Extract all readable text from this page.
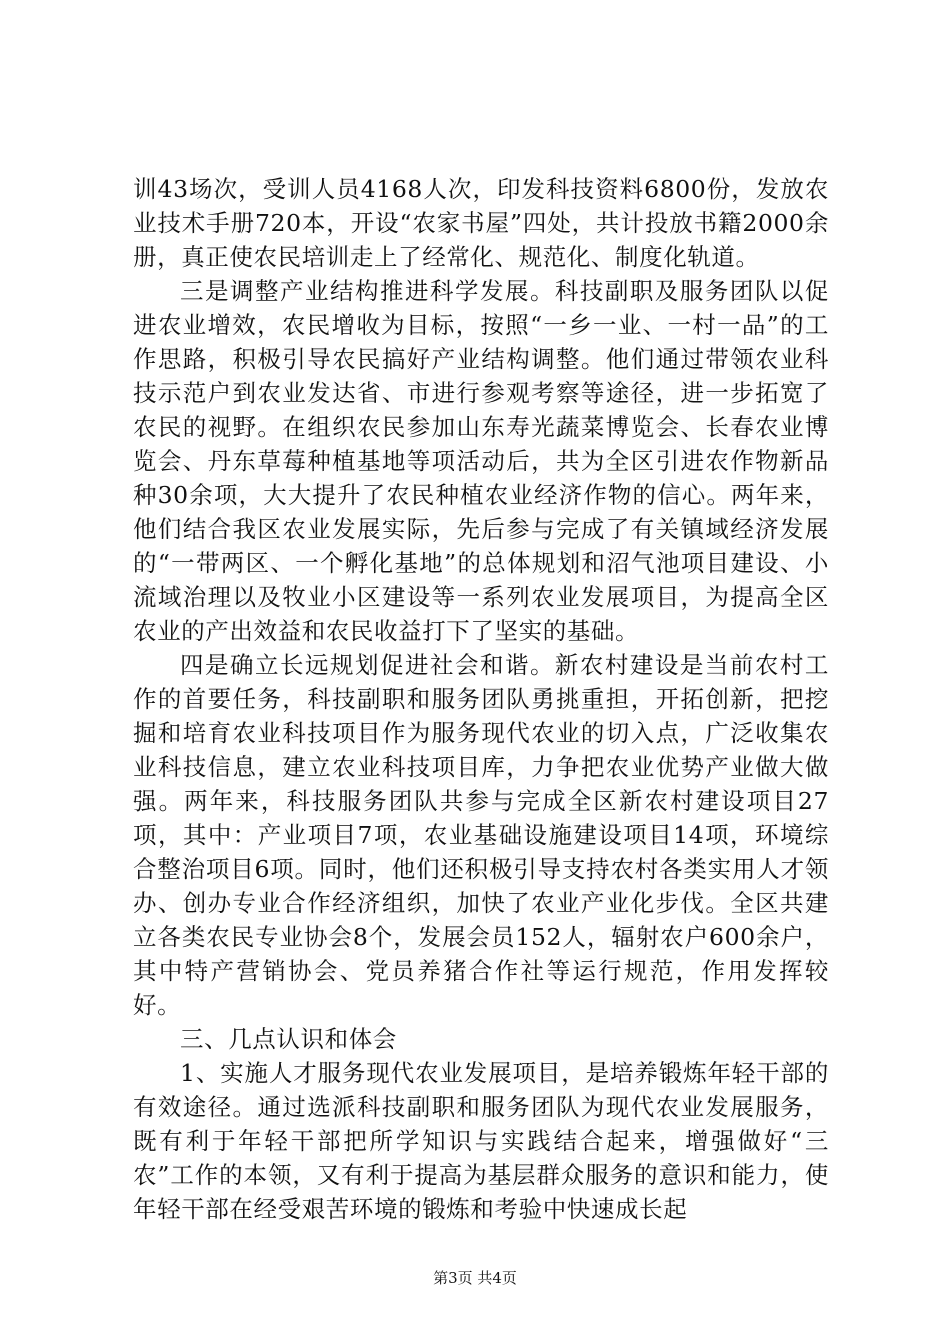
训43场次，受训人员4168人次，印发科技资料6800份，发放农业技术手册720本，开设“农家书屋”四处，共计投放书籍2000余册，真正使农民培训走上了经常化、规范化、制度化轨道。

三是调整产业结构推进科学发展。科技副职及服务团队以促进农业增效，农民增收为目标，按照“一乡一业、一村一品”的工作思路，积极引导农民搞好产业结构调整。他们通过带领农业科技示范户到农业发达省、市进行参观考察等途径，进一步拓宽了农民的视野。在组织农民参加山东寿光蔬菜博览会、长春农业博览会、丹东草莓种植基地等项活动后，共为全区引进农作物新品种30余项，大大提升了农民种植农业经济作物的信心。两年来，他们结合我区农业发展实际，先后参与完成了有关镇域经济发展的“一带两区、一个孵化基地”的总体规划和沼气池项目建设、小流域治理以及牧业小区建设等一系列农业发展项目，为提高全区农业的产出效益和农民收益打下了坚实的基础。

四是确立长远规划促进社会和谐。新农村建设是当前农村工作的首要任务，科技副职和服务团队勇挑重担，开拓创新，把挖掘和培育农业科技项目作为服务现代农业的切入点，广泛收集农业科技信息，建立农业科技项目库，力争把农业优势产业做大做强。两年来，科技服务团队共参与完成全区新农村建设项目27项，其中：产业项目7项，农业基础设施建设项目14项，环境综合整治项目6项。同时，他们还积极引导支持农村各类实用人才领办、创办专业合作经济组织，加快了农业产业化步伐。全区共建立各类农民专业协会8个，发展会员152人，辐射农户600余户，其中特产营销协会、党员养猪合作社等运行规范，作用发挥较好。

三、几点认识和体会

1、实施人才服务现代农业发展项目，是培养锻炼年轻干部的有效途径。通过选派科技副职和服务团队为现代农业发展服务，既有利于年轻干部把所学知识与实践结合起来，增强做好“三农”工作的本领，又有利于提高为基层群众服务的意识和能力，使年轻干部在经受艰苦环境的锻炼和考验中快速成长起

第3页 共4页
